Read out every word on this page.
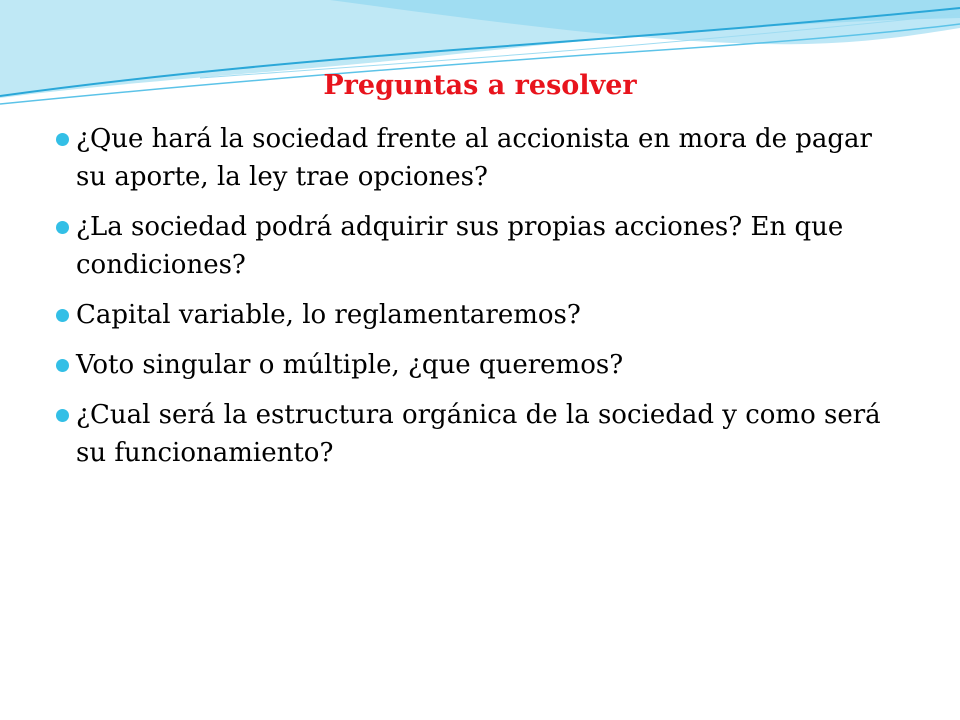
Preguntas a resolver
¿Que hará la sociedad frente al accionista en mora de pagar su aporte, la ley trae opciones?
¿La sociedad podrá adquirir sus propias acciones? En que condiciones?
Capital variable, lo reglamentaremos?
Voto singular o múltiple, ¿que queremos?
¿Cual será la estructura orgánica de la sociedad y como será su funcionamiento?
